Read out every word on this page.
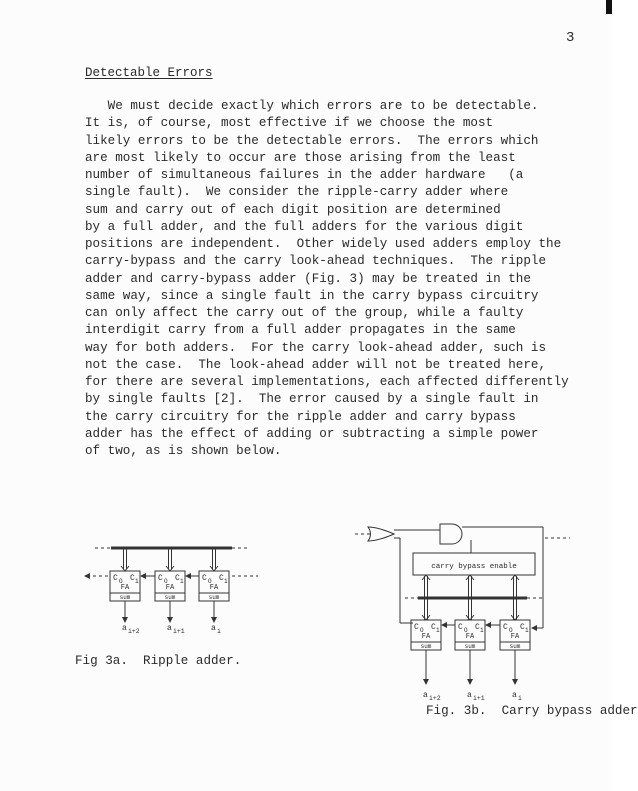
3
Detectable Errors
We must decide exactly which errors are to be detectable.
It is, of course, most effective if we choose the most
likely errors to be the detectable errors.  The errors which
are most likely to occur are those arising from the least
number of simultaneous failures in the adder hardware   (a
single fault).  We consider the ripple-carry adder where
sum and carry out of each digit position are determined
by a full adder, and the full adders for the various digit
positions are independent.  Other widely used adders employ the
carry-bypass and the carry look-ahead techniques.  The ripple
adder and carry-bypass adder (Fig. 3) may be treated in the
same way, since a single fault in the carry bypass circuitry
can only affect the carry out of the group, while a faulty
interdigit carry from a full adder propagates in the same
way for both adders.  For the carry look-ahead adder, such is
not the case.  The look-ahead adder will not be treated here,
for there are several implementations, each affected differently
by single faults [2].  The error caused by a single fault in
the carry circuitry for the ripple adder and carry bypass
adder has the effect of adding or subtracting a simple power
of two, as is shown below.
carry bypass enable
C O C 1
FA
sum
a i+2
C O C 1
FA
sum
a i+1
C O C 1
FA
sum
a i	C O C 1
FA
sum
a i+2
C O C 1
FA
sum
a i+1
C O C 1
FA
sum
a i
Fig 3a.  Ripple adder.
Fig. 3b.  Carry bypass adder
